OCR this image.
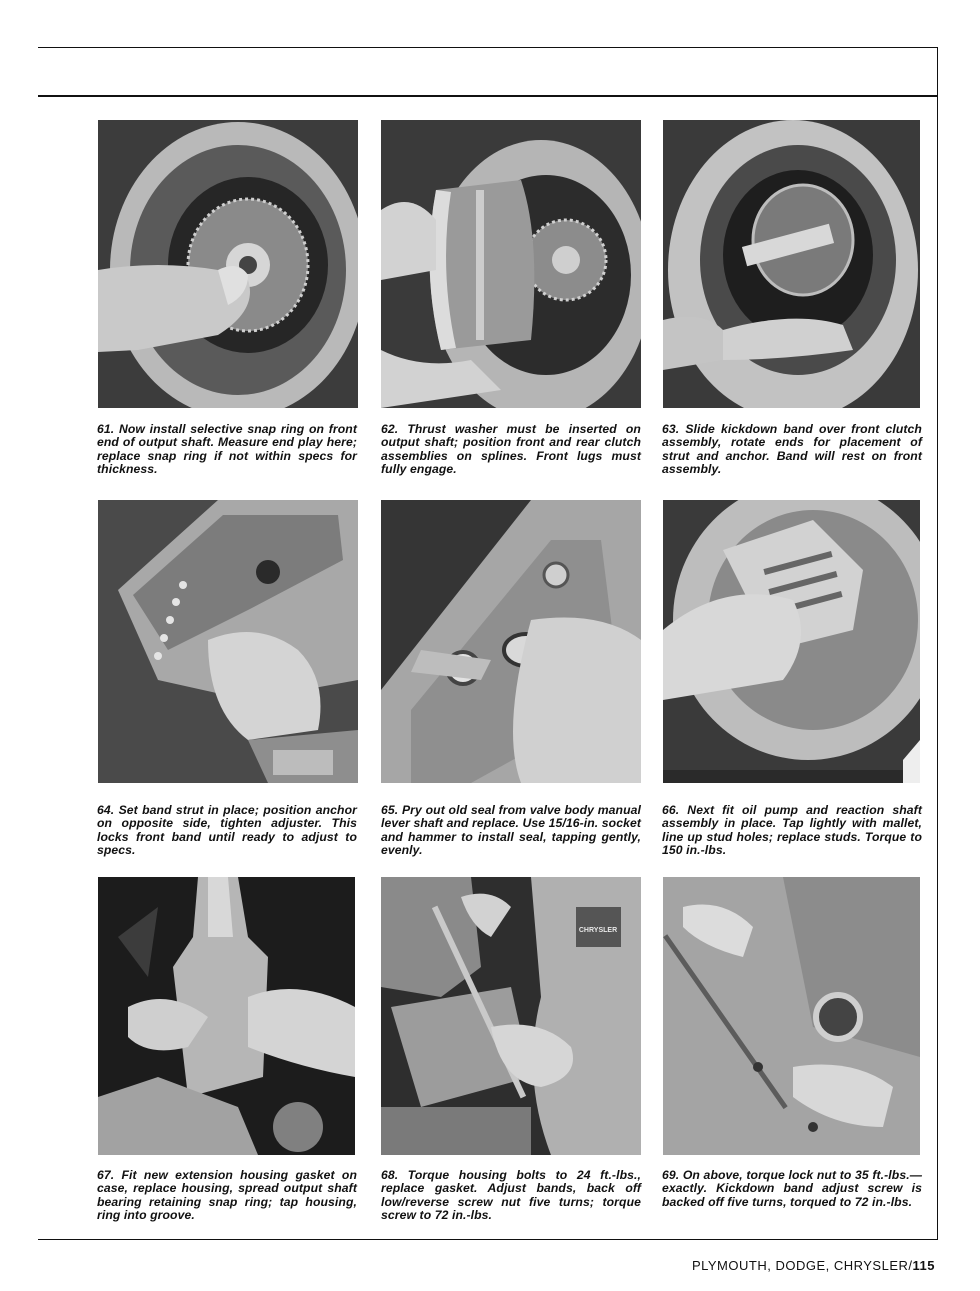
61. Now install selective snap ring on front end of output shaft. Measure end play here; replace snap ring if not within specs for thickness.
62. Thrust washer must be inserted on output shaft; position front and rear clutch assemblies on splines. Front lugs must fully engage.
63. Slide kickdown band over front clutch assembly, rotate ends for placement of strut and anchor. Band will rest on front assembly.
64. Set band strut in place; position anchor on opposite side, tighten adjuster. This locks front band until ready to adjust to specs.
65. Pry out old seal from valve body manual lever shaft and replace. Use 15/16-in. socket and hammer to install seal, tapping gently, evenly.
66. Next fit oil pump and reaction shaft assembly in place. Tap lightly with mallet, line up stud holes; replace studs. Torque to 150 in.-lbs.
CHRYSLER
67. Fit new extension housing gasket on case, replace housing, spread output shaft bearing retaining snap ring; tap housing, ring into groove.
68. Torque housing bolts to 24 ft.-lbs., replace gasket. Adjust bands, back off low/reverse screw nut five turns; torque screw to 72 in.-lbs.
69. On above, torque lock nut to 35 ft.-lbs.—exactly. Kickdown band adjust screw is backed off five turns, torqued to 72 in.-lbs.
PLYMOUTH, DODGE, CHRYSLER/115
